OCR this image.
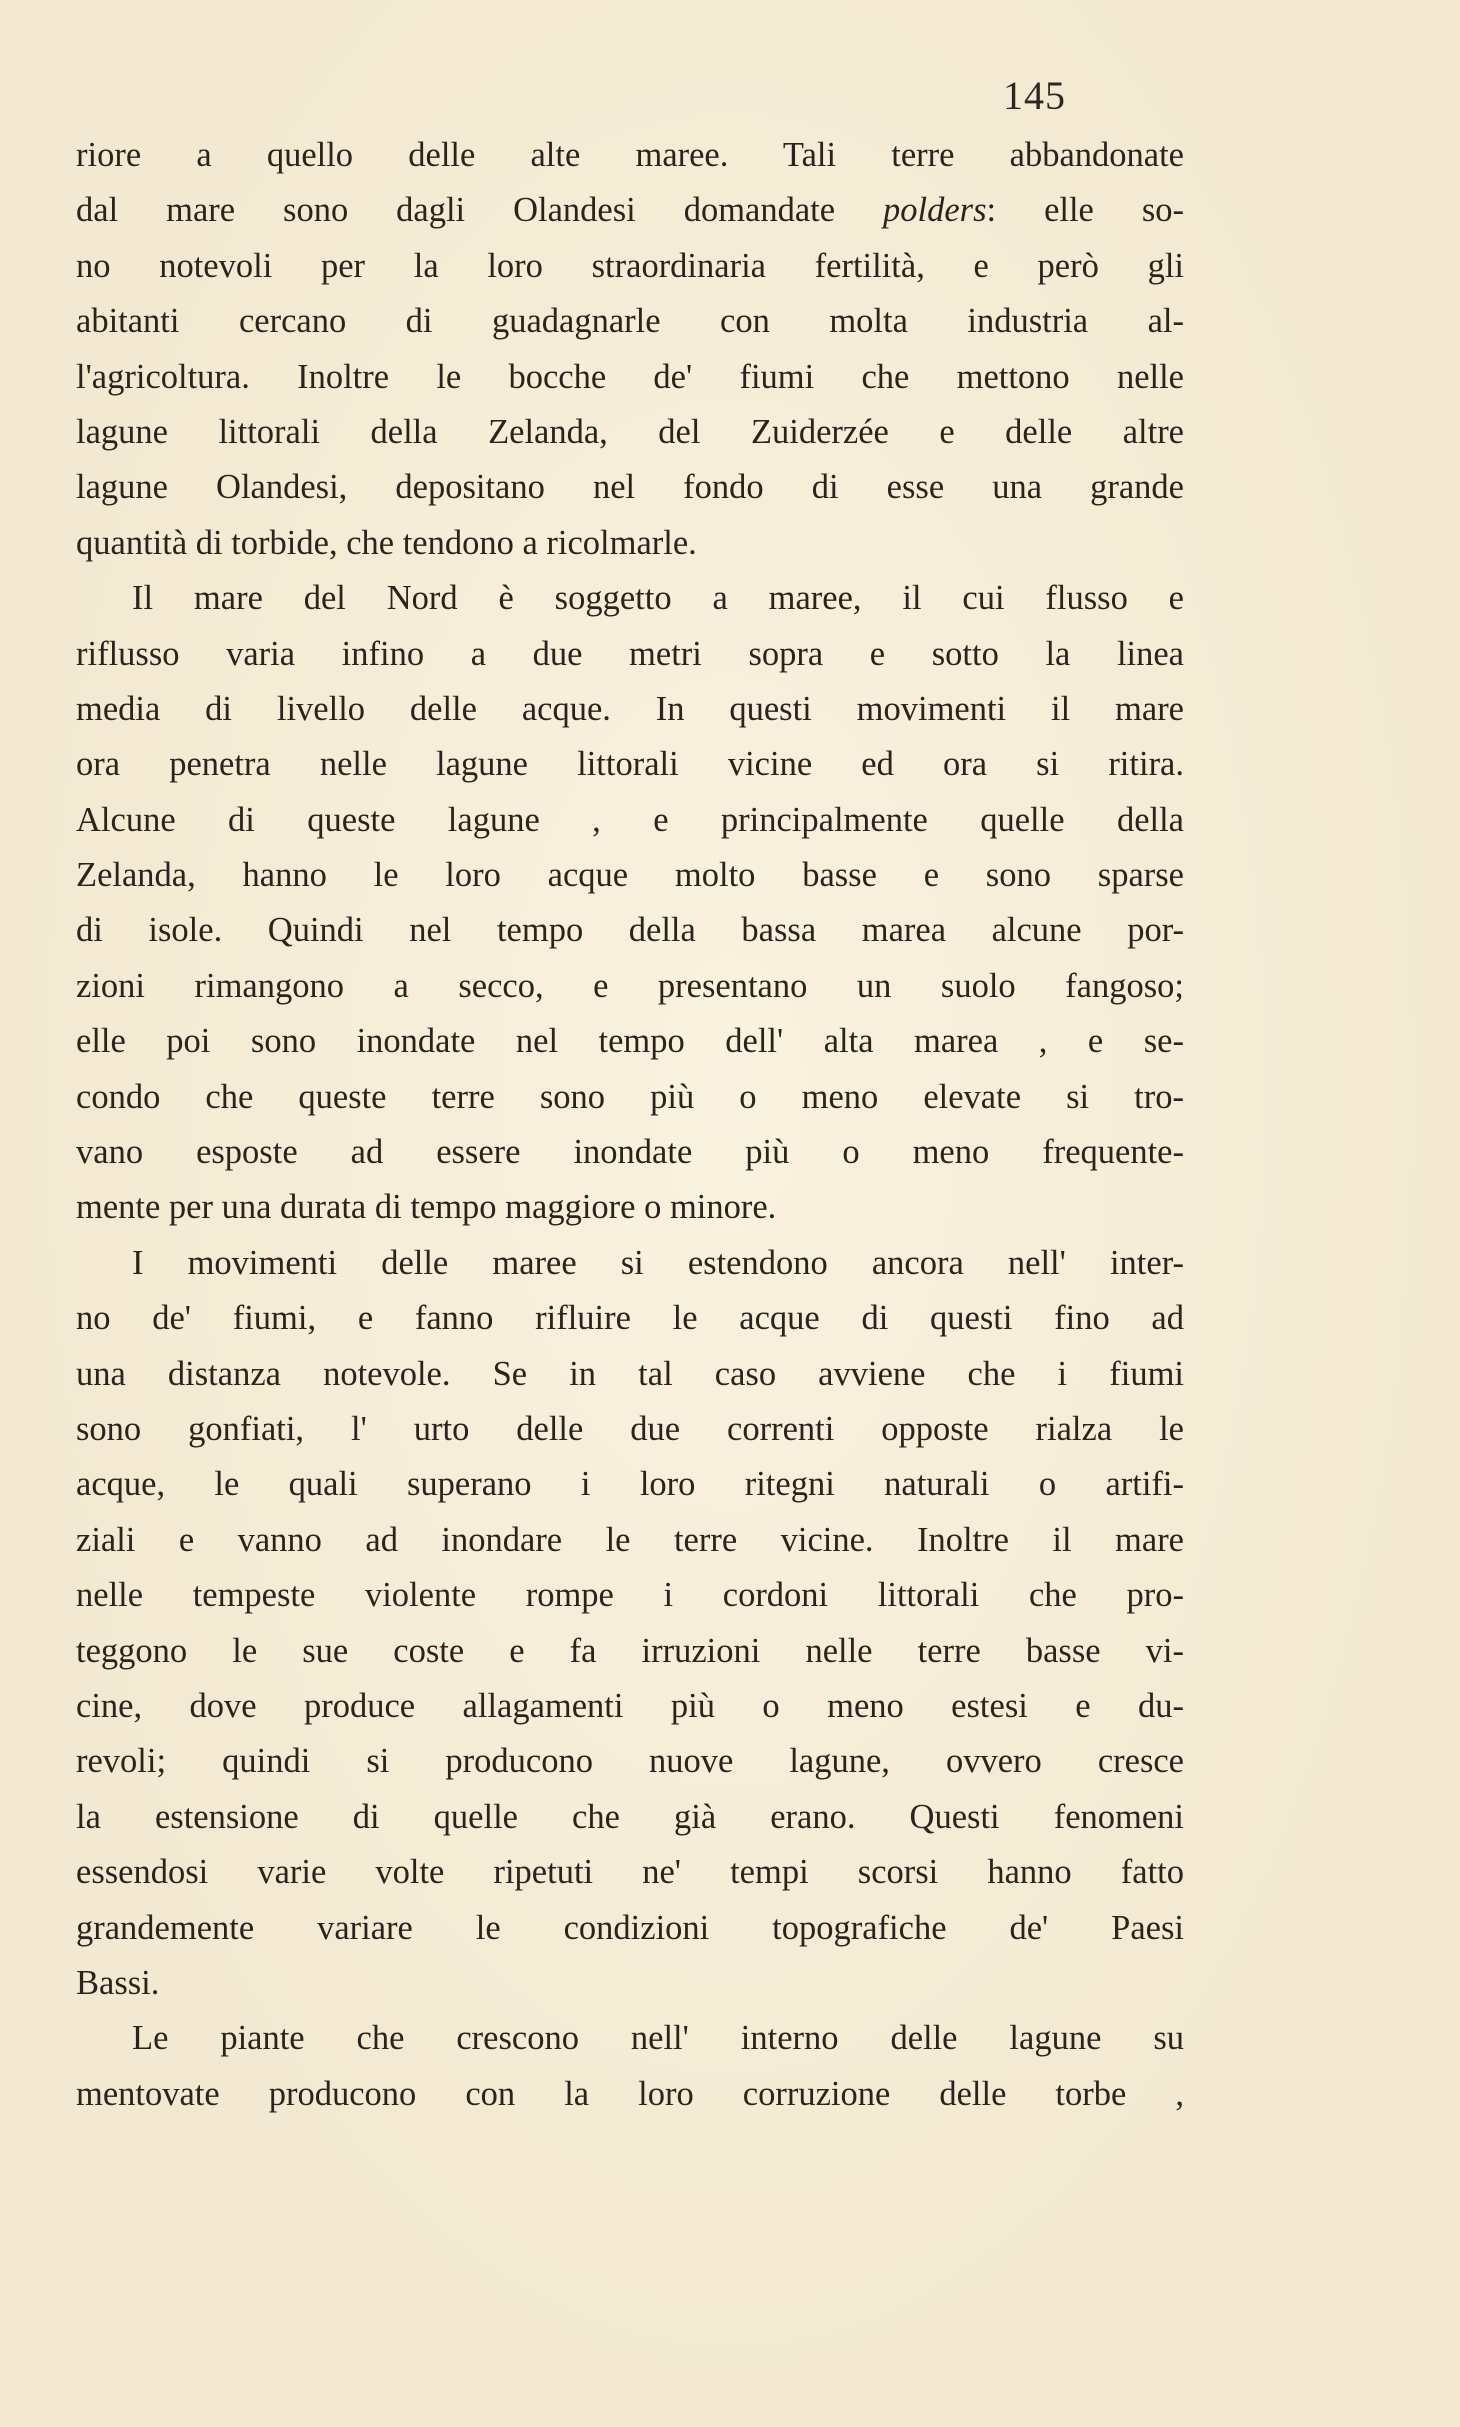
145
riore a quello delle alte maree. Tali terre abbandonate
dal mare sono dagli Olandesi domandate polders: elle so-
no notevoli per la loro straordinaria fertilità, e però gli
abitanti cercano di guadagnarle con molta industria al-
l'agricoltura. Inoltre le bocche de' fiumi che mettono nelle
lagune littorali della Zelanda, del Zuiderzée e delle altre
lagune Olandesi, depositano nel fondo di esse una grande
quantità di torbide, che tendono a ricolmarle.
Il mare del Nord è soggetto a maree, il cui flusso e
riflusso varia infino a due metri sopra e sotto la linea
media di livello delle acque. In questi movimenti il mare
ora penetra nelle lagune littorali vicine ed ora si ritira.
Alcune di queste lagune , e principalmente quelle della
Zelanda, hanno le loro acque molto basse e sono sparse
di isole. Quindi nel tempo della bassa marea alcune por-
zioni rimangono a secco, e presentano un suolo fangoso;
elle poi sono inondate nel tempo dell' alta marea , e se-
condo che queste terre sono più o meno elevate si tro-
vano esposte ad essere inondate più o meno frequente-
mente per una durata di tempo maggiore o minore.
I movimenti delle maree si estendono ancora nell' inter-
no de' fiumi, e fanno rifluire le acque di questi fino ad
una distanza notevole. Se in tal caso avviene che i fiumi
sono gonfiati, l' urto delle due correnti opposte rialza le
acque, le quali superano i loro ritegni naturali o artifi-
ziali e vanno ad inondare le terre vicine. Inoltre il mare
nelle tempeste violente rompe i cordoni littorali che pro-
teggono le sue coste e fa irruzioni nelle terre basse vi-
cine, dove produce allagamenti più o meno estesi e du-
revoli; quindi si producono nuove lagune, ovvero cresce
la estensione di quelle che già erano. Questi fenomeni
essendosi varie volte ripetuti ne' tempi scorsi hanno fatto
grandemente variare le condizioni topografiche de' Paesi
Bassi.
Le piante che crescono nell' interno delle lagune su
mentovate producono con la loro corruzione delle torbe ,
